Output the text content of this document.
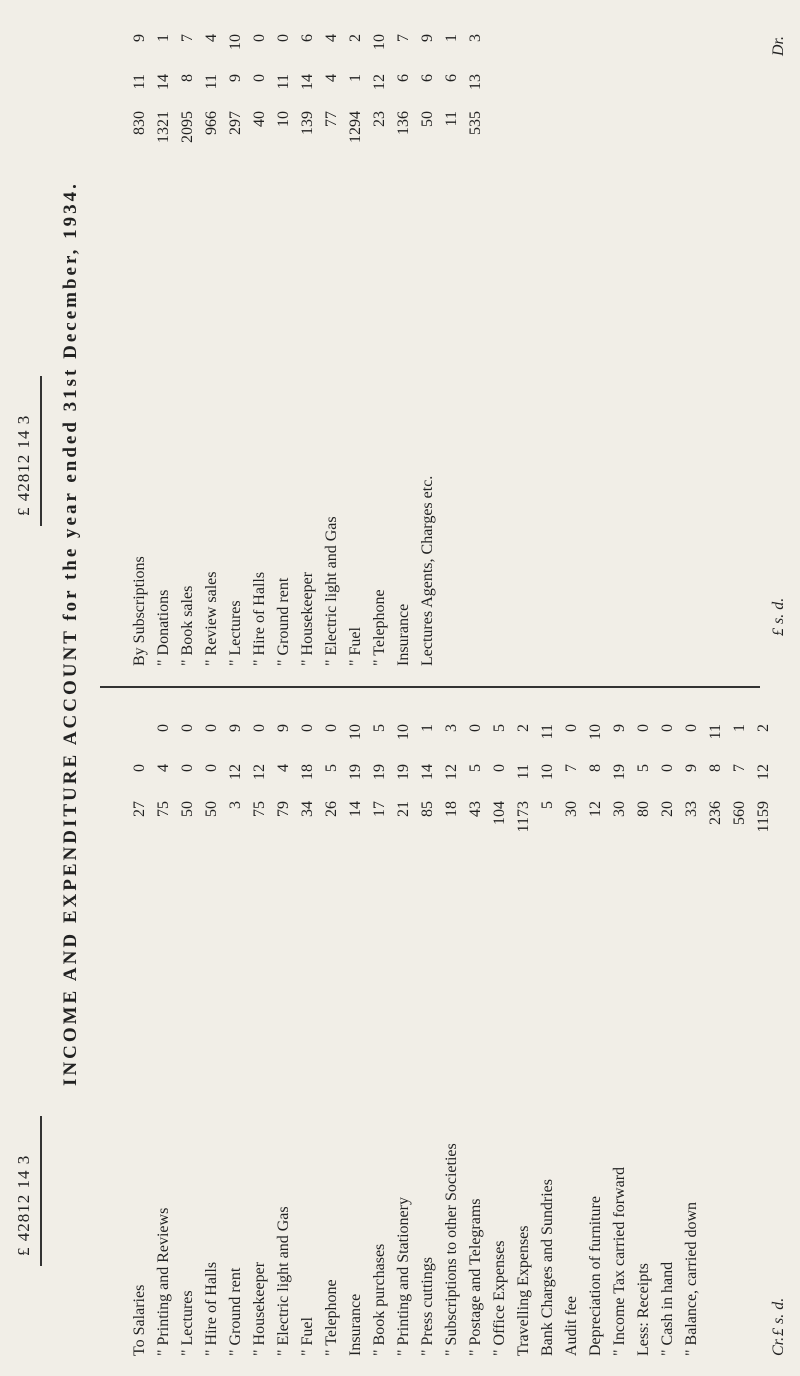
£ 42812 14 3
£ 42812 14 3 INCOME AND EXPENDITURE ACCOUNT for the year ended 31st December, 1934.
To Salaries
27
0
" Printing and Reviews
75
4
0
" Lectures
50
0
0
" Hire of Halls
50
0
0
" Ground rent
3
12
9
" Housekeeper
75
12
0
" Electric light and Gas
79
4
9
" Fuel
34
18
0
" Telephone
26
5
0
Insurance
14
19
10
" Book purchases
17
19
5
" Printing and Stationery
21
19
10
" Press cuttings
85
14
1
" Subscriptions to other Societies
18
12
3
" Postage and Telegrams
43
5
0
" Office Expenses
104
0
5
Travelling Expenses
1173
11
2
Bank Charges and Sundries
5
10
11
Audit fee
30
7
0
Depreciation of furniture
12
8
10
" Income Tax carried forward
30
19
9
Less: Receipts
80
5
0
" Cash in hand
20
0
0
" Balance, carried down
33
9
0
236
8
11
560
7
1
1159
12
2
By Subscriptions
830
11
9
" Donations
1321
14
1
" Book sales
2095
8
7
" Review sales
966
11
4
" Lectures
297
9
10
" Hire of Halls
40
0
0
" Ground rent
10
11
0
" Housekeeper
139
14
6
" Electric light and Gas
77
4
4
" Fuel
1294
1
2
" Telephone
23
12
10
Insurance
136
6
7
Lectures Agents, Charges etc.
50
6
9
11
6
1
535
13
3
£ s. d.
£ s. d.
Dr.
Cr.
